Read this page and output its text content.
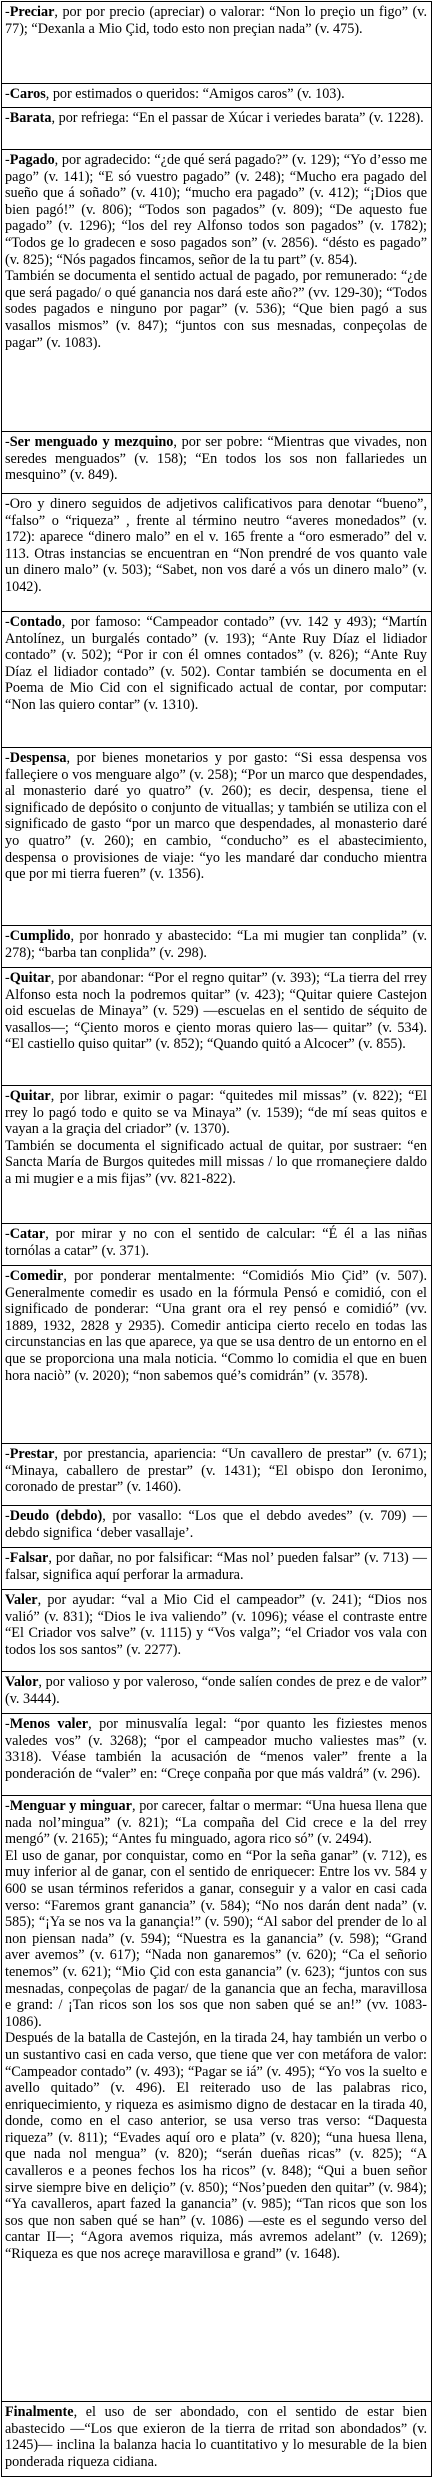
-Preciar, por por precio (apreciar) o valorar: “Non lo preçio un figo” (v. 77); “Dexanla a Mio Çid, todo esto non preçian nada” (v. 475).

-Caros, por estimados o queridos: “Amigos caros” (v. 103).

-Barata, por refriega: “En el passar de Xúcar i veriedes barata” (v. 1228).

-Pagado, por agradecido: “¿de qué será pagado?” (v. 129); “Yo d’esso me pago” (v. 141); “E só vuestro pagado” (v. 248); “Mucho era pagado del sueño que á soñado” (v. 410); “mucho era pagado” (v. 412); “¡Dios que bien pagó!” (v. 806); “Todos son pagados” (v. 809); “De aquesto fue pagado” (v. 1296); “los del rey Alfonso todos son pagados” (v. 1782); “Todos ge lo gradecen e soso pagados son” (v. 2856). “désto es pagado” (v. 825); “Nós pagados fincamos, señor de la tu part” (v. 854).

También se documenta el sentido actual de pagado, por remunerado: “¿de que será pagado/ o qué ganancia nos dará este año?” (vv. 129-30); “Todos sodes pagados e ninguno por pagar” (v. 536); “Que bien pagó a sus vasallos mismos” (v. 847); “juntos con sus mesnadas, conpeçolas de pagar” (v. 1083).

-Ser menguado y mezquino, por ser pobre: “Mientras que vivades, non seredes menguados” (v. 158); “En todos los sos non fallariedes un mesquino” (v. 849).

-Oro y dinero seguidos de adjetivos calificativos para denotar “bueno”, “falso” o “riqueza” , frente al término neutro “averes monedados” (v. 172): aparece “dinero malo” en el v. 165 frente a “oro esmerado” del v. 113. Otras instancias se encuentran en “Non prendré de vos quanto vale un dinero malo” (v. 503); “Sabet, non vos daré a vós un dinero malo” (v. 1042).

-Contado, por famoso: “Campeador contado” (vv. 142 y 493); “Martín Antolínez, un burgalés contado” (v. 193); “Ante Ruy Díaz el lidiador contado” (v. 502); “Por ir con él omnes contados” (v. 826); “Ante Ruy Díaz el lidiador contado” (v. 502). Contar también se documenta en el Poema de Mio Cid con el significado actual de contar, por computar: “Non las quiero contar” (v. 1310).

-Despensa, por bienes monetarios y por gasto: “Si essa despensa vos falleçiere o vos menguare algo” (v. 258); “Por un marco que despendades, al monasterio daré yo quatro” (v. 260); es decir, despensa, tiene el significado de depósito o conjunto de vituallas; y también se utiliza con el significado de gasto “por un marco que despendades, al monasterio daré yo quatro” (v. 260); en cambio, “conducho” es el abastecimiento, despensa o provisiones de viaje: “yo les mandaré dar conducho mientra que por mi tierra fueren” (v. 1356).

-Cumplido, por honrado y abastecido: “La mi mugier tan conplida” (v. 278); “barba tan conplida” (v. 298).

-Quitar, por abandonar: “Por el regno quitar” (v. 393); “La tierra del rrey Alfonso esta noch la podremos quitar” (v. 423); “Quitar quiere Castejon oid escuelas de Minaya” (v. 529) —escuelas en el sentido de séquito de vasallos—; “Çiento moros e çiento moras quiero las— quitar” (v. 534). “El castiello quiso quitar” (v. 852); “Quando quitó a Alcocer” (v. 855).

-Quitar, por librar, eximir o pagar: “quitedes mil missas” (v. 822); “El rrey lo pagó todo e quito se va Minaya” (v. 1539); “de mí seas quitos e vayan a la graçia del criador” (v. 1370).

También se documenta el significado actual de quitar, por sustraer: “en Sancta María de Burgos quitedes mill missas / lo que rromaneçiere daldo a mi mugier e a mis fijas” (vv. 821-822).

-Catar, por mirar y no con el sentido de calcular: “É él a las niñas tornólas a catar” (v. 371).

-Comedir, por ponderar mentalmente: “Comidiós Mio Çid” (v. 507). Generalmente comedir es usado en la fórmula Pensó e comidió, con el significado de ponderar: “Una grant ora el rey pensó e comidió” (vv. 1889, 1932, 2828 y 2935). Comedir anticipa cierto recelo en todas las circunstancias en las que aparece, ya que se usa dentro de un entorno en el que se proporciona una mala noticia. “Commo lo comidia el que en buen hora naciò” (v. 2020); “non sabemos qué’s comidrán” (v. 3578).

-Prestar, por prestancia, apariencia: “Un cavallero de prestar” (v. 671); “Minaya, caballero de prestar” (v. 1431); “El obispo don Ieronimo, coronado de prestar” (v. 1460).

-Deudo (debdo), por vasallo: “Los que el debdo avedes” (v. 709) —debdo significa ‘deber vasallaje’.

-Falsar, por dañar, no por falsificar: “Mas nol’ pueden falsar” (v. 713) —falsar, significa aquí perforar la armadura.

Valer, por ayudar: “val a Mio Cid el campeador” (v. 241); “Dios nos valió” (v. 831); “Dios le iva valiendo” (v. 1096); véase el contraste entre “El Criador vos salve” (v. 1115) y “Vos valga”; “el Criador vos vala con todos los sos santos” (v. 2277).

Valor, por valioso y por valeroso, “onde salíen condes de prez e de valor” (v. 3444).

-Menos valer, por minusvalía legal: “por quanto les fiziestes menos valedes vos” (v. 3268); “por el campeador mucho valiestes mas” (v. 3318). Véase también la acusación de “menos valer” frente a la ponderación de “valer” en: “Creçe conpaña por que más valdrá” (v. 296).

-Menguar y minguar, por carecer, faltar o mermar: “Una huesa llena que nada nol’mingua” (v. 821); “La compaña del Cid crece e la del rrey mengó” (v. 2165); “Antes fu minguado, agora rico só” (v. 2494).

El uso de ganar, por conquistar, como en “Por la seña ganar” (v. 712), es muy inferior al de ganar, con el sentido de enriquecer: Entre los vv. 584 y 600 se usan términos referidos a ganar, conseguir y a valor en casi cada verso: “Faremos grant ganancia” (v. 584); “No nos darán dent nada” (v. 585); “¡Ya se nos va la ganançia!” (v. 590); “Al sabor del prender de lo al non piensan nada” (v. 594); “Nuestra es la ganancia” (v. 598); “Grand aver avemos” (v. 617); “Nada non ganaremos” (v. 620); “Ca el señorio tenemos” (v. 621); “Mio Çid con esta ganancia” (v. 623); “juntos con sus mesnadas, conpeçolas de pagar/ de la ganancia que an fecha, maravillosa e grand: / ¡Tan ricos son los sos que non saben qué se an!” (vv. 1083-1086).

Después de la batalla de Castejón, en la tirada 24, hay también un verbo o un sustantivo casi en cada verso, que tiene que ver con metáfora de valor: “Campeador contado” (v. 493); “Pagar se iá” (v. 495); “Yo vos la suelto e avello quitado” (v. 496). El reiterado uso de las palabras rico, enriquecimiento, y riqueza es asimismo digno de destacar en la tirada 40, donde, como en el caso anterior, se usa verso tras verso: “Daquesta riqueza” (v. 811); “Evades aquí oro e plata” (v. 820); “una huesa llena, que nada nol mengua” (v. 820); “serán dueñas ricas” (v. 825); “A cavalleros e a peones fechos los ha ricos” (v. 848); “Qui a buen señor sirve siempre bive en deliçio” (v. 850); “Nos’pueden den quitar” (v. 984); “Ya cavalleros, apart fazed la ganancia” (v. 985); “Tan ricos que son los sos que non saben qué se han” (v. 1086) —este es el segundo verso del cantar II—; “Agora avemos riquiza, más avremos adelant” (v. 1269); “Riqueza es que nos acreçe maravillosa e grand” (v. 1648).

Finalmente, el uso de ser abondado, con el sentido de estar bien abastecido —“Los que exieron de la tierra de rritad son abondados” (v. 1245)— inclina la balanza hacia lo cuantitativo y lo mesurable de la bien ponderada riqueza cidiana.
